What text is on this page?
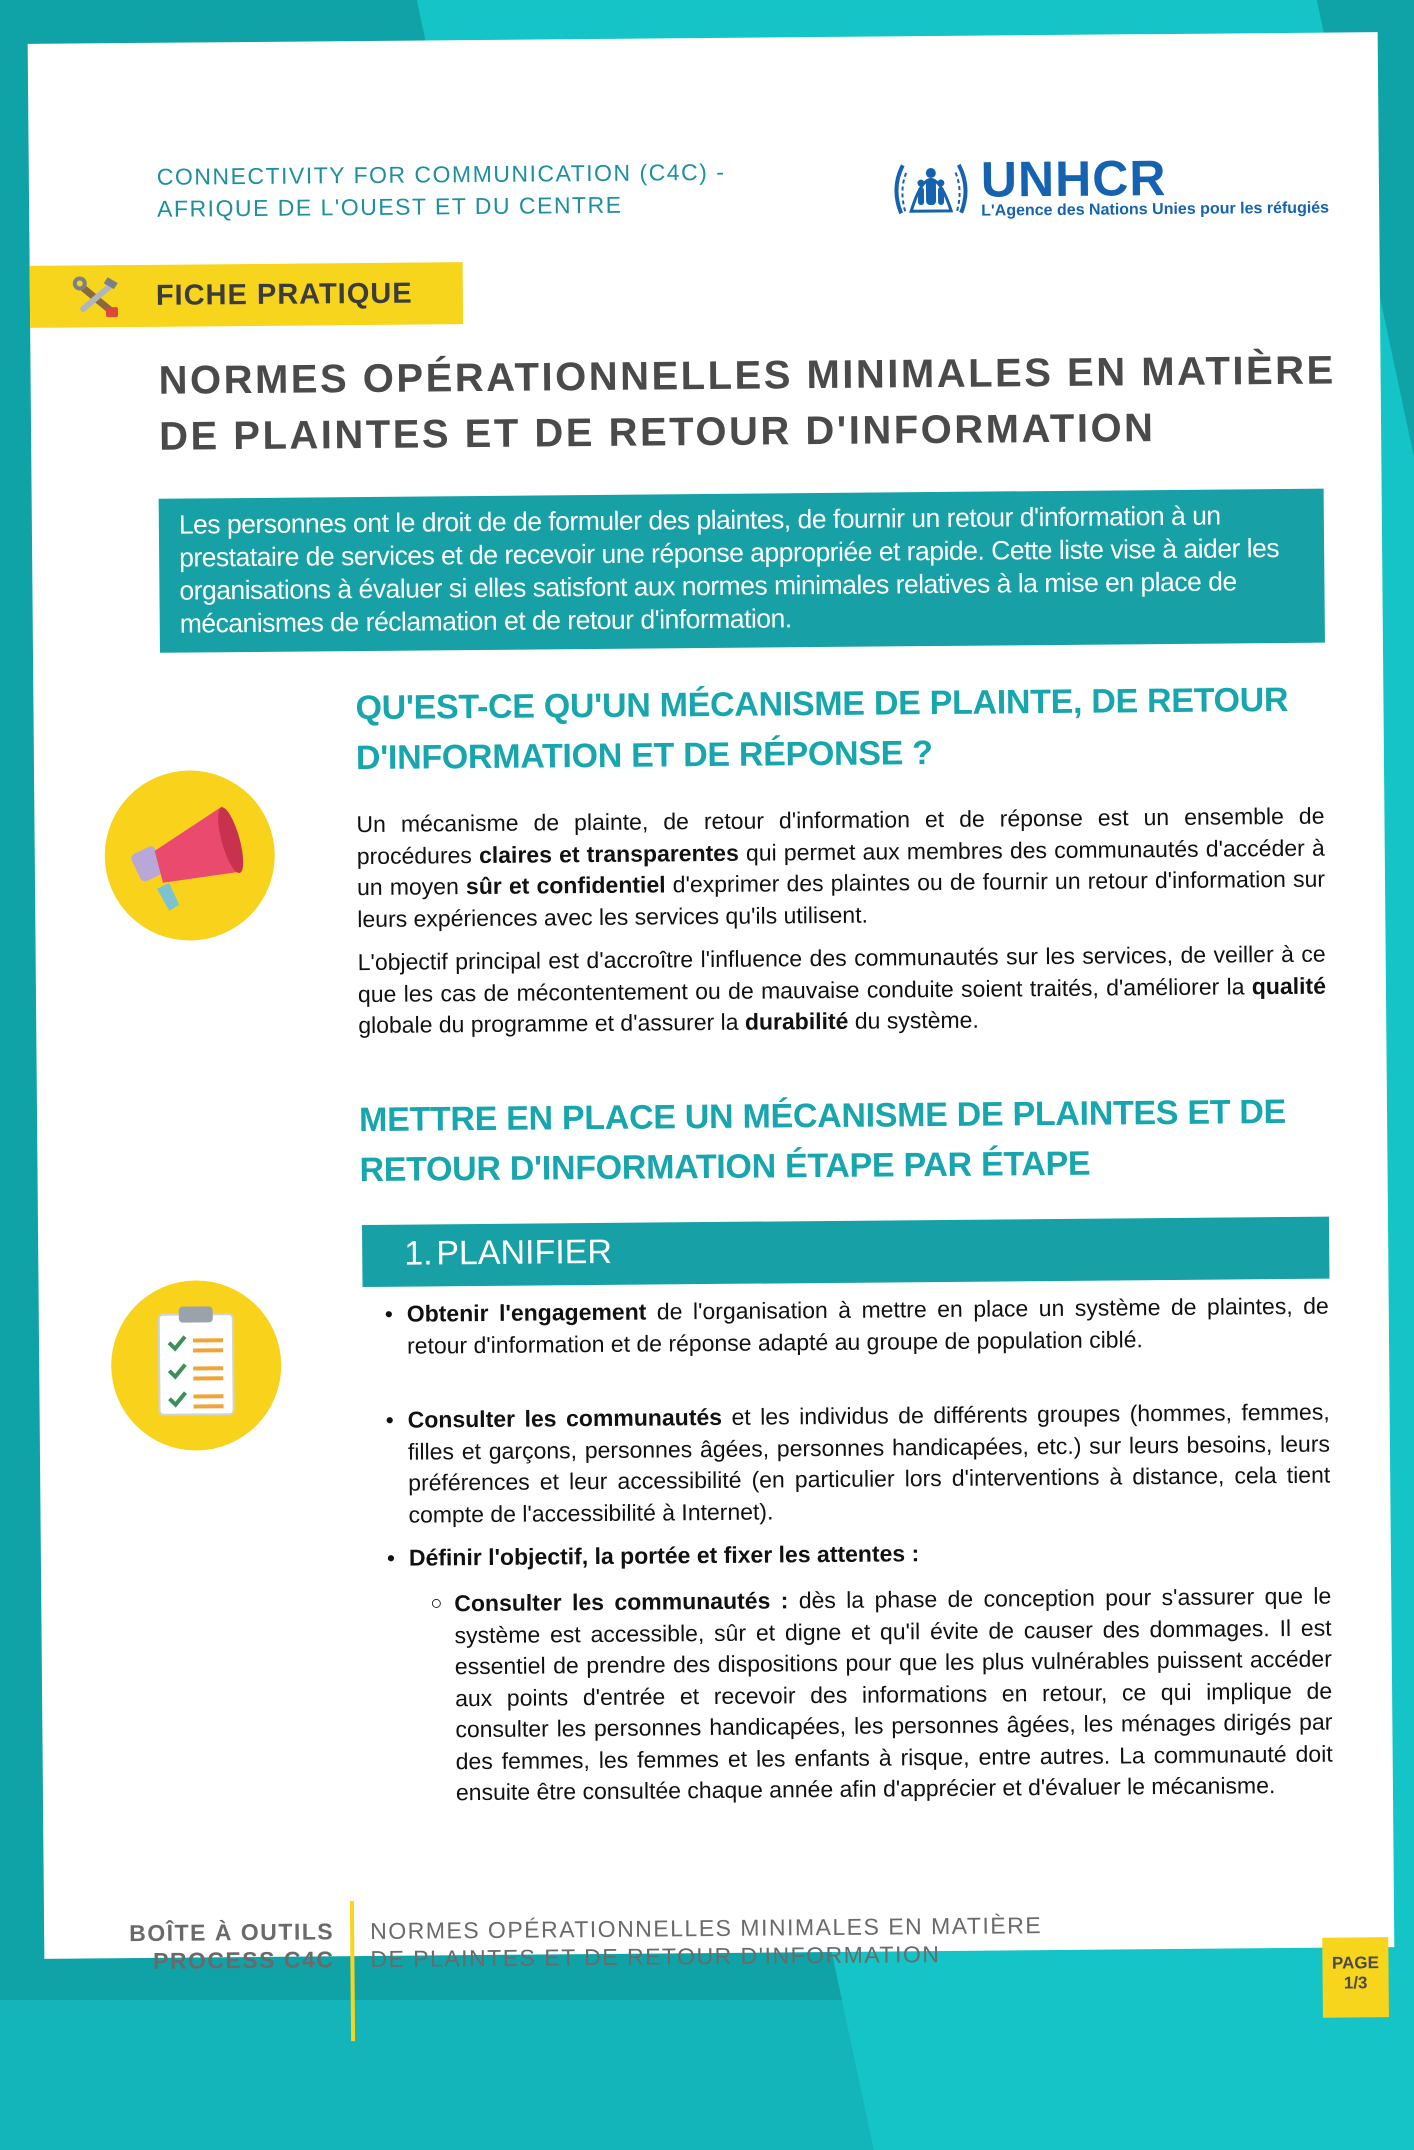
CONNECTIVITY FOR COMMUNICATION (C4C) -
AFRIQUE DE L'OUEST ET DU CENTRE	UNHCR
L'Agence des Nations Unies pour les réfugiés
FICHE PRATIQUE
NORMES OPÉRATIONNELLES MINIMALES EN MATIÈRE
DE PLAINTES ET DE RETOUR D'INFORMATION
Les personnes ont le droit de de formuler des plaintes, de fournir un retour d'information à un prestataire de services et de recevoir une réponse appropriée et rapide. Cette liste vise à aider les organisations à évaluer si elles satisfont aux normes minimales relatives à la mise en place de mécanismes de réclamation et de retour d'information.
QU'EST-CE QU'UN MÉCANISME DE PLAINTE, DE RETOUR
D'INFORMATION ET DE RÉPONSE ?
Un mécanisme de plainte, de retour d'information et de réponse est un ensemble de procédures claires et transparentes qui permet aux membres des communautés d'accéder à un moyen sûr et confidentiel d'exprimer des plaintes ou de fournir un retour d'information sur leurs expériences avec les services qu'ils utilisent.
L'objectif principal est d'accroître l'influence des communautés sur les services, de veiller à ce que les cas de mécontentement ou de mauvaise conduite soient traités, d'améliorer la qualité globale du programme et d'assurer la durabilité du système.
METTRE EN PLACE UN MÉCANISME DE PLAINTES ET DE
RETOUR D'INFORMATION ÉTAPE PAR ÉTAPE
1. PLANIFIER
• Obtenir l'engagement de l'organisation à mettre en place un système de plaintes, de retour d'information et de réponse adapté au groupe de population ciblé.
• Consulter les communautés et les individus de différents groupes (hommes, femmes, filles et garçons, personnes âgées, personnes handicapées, etc.) sur leurs besoins, leurs préférences et leur accessibilité (en particulier lors d'interventions à distance, cela tient compte de l'accessibilité à Internet).
• Définir l'objectif, la portée et fixer les attentes :
○ Consulter les communautés : dès la phase de conception pour s'assurer que le système est accessible, sûr et digne et qu'il évite de causer des dommages. Il est essentiel de prendre des dispositions pour que les plus vulnérables puissent accéder aux points d'entrée et recevoir des informations en retour, ce qui implique de consulter les personnes handicapées, les personnes âgées, les ménages dirigés par des femmes, les femmes et les enfants à risque, entre autres. La communauté doit ensuite être consultée chaque année afin d'apprécier et d'évaluer le mécanisme.
BOÎTE À OUTILS
PROCESS C4C
NORMES OPÉRATIONNELLES MINIMALES EN MATIÈRE
DE PLAINTES ET DE RETOUR D'INFORMATION	PAGE
1/3
